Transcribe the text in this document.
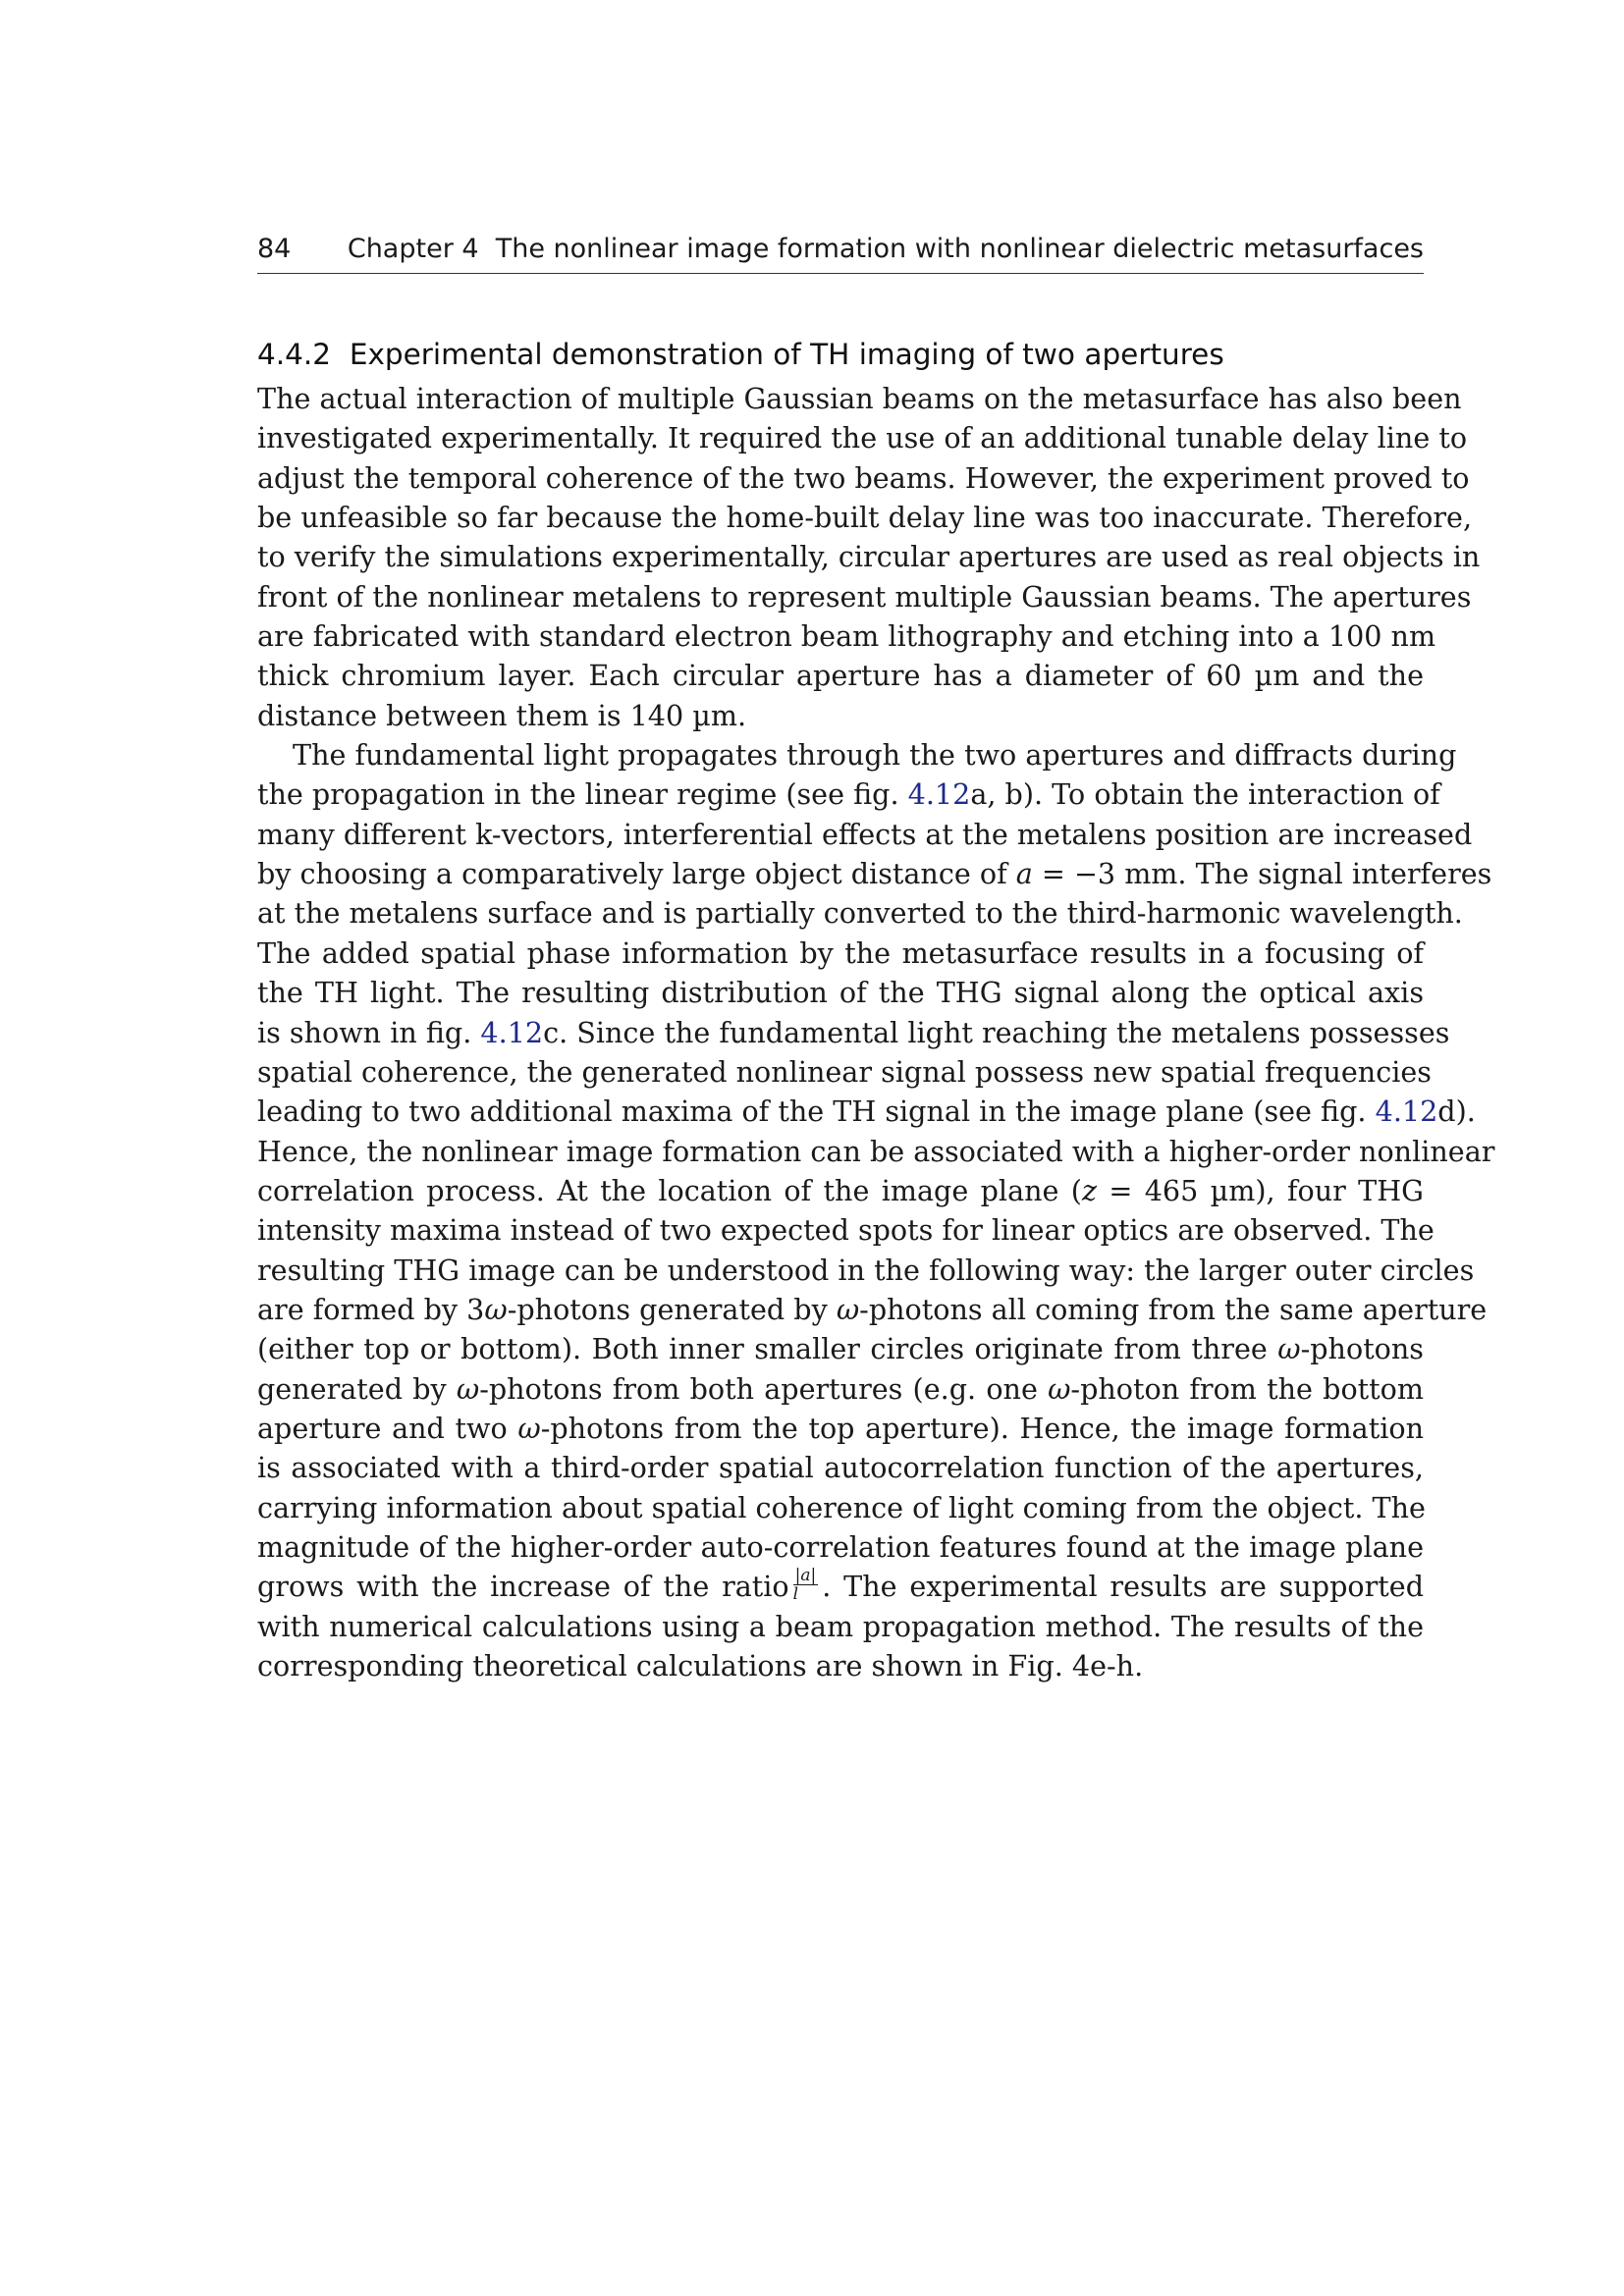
84 Chapter 4 The nonlinear image formation with nonlinear dielectric metasurfaces
4.4.2 Experimental demonstration of TH imaging of two apertures
The actual interaction of multiple Gaussian beams on the metasurface has also been
investigated experimentally. It required the use of an additional tunable delay line to
adjust the temporal coherence of the two beams. However, the experiment proved to
be unfeasible so far because the home-built delay line was too inaccurate. Therefore,
to verify the simulations experimentally, circular apertures are used as real objects in
front of the nonlinear metalens to represent multiple Gaussian beams. The apertures
are fabricated with standard electron beam lithography and etching into a 100 nm
thick chromium layer. Each circular aperture has a diameter of 60 µm and the
distance between them is 140 µm.
The fundamental light propagates through the two apertures and diffracts during
the propagation in the linear regime (see fig. 4.12a, b). To obtain the interaction of
many different k-vectors, interferential effects at the metalens position are increased
by choosing a comparatively large object distance of a = −3 mm. The signal interferes
at the metalens surface and is partially converted to the third-harmonic wavelength.
The added spatial phase information by the metasurface results in a focusing of
the TH light. The resulting distribution of the THG signal along the optical axis
is shown in fig. 4.12c. Since the fundamental light reaching the metalens possesses
spatial coherence, the generated nonlinear signal possess new spatial frequencies
leading to two additional maxima of the TH signal in the image plane (see fig. 4.12d).
Hence, the nonlinear image formation can be associated with a higher-order nonlinear
correlation process. At the location of the image plane (z = 465 µm), four THG
intensity maxima instead of two expected spots for linear optics are observed. The
resulting THG image can be understood in the following way: the larger outer circles
are formed by 3ω-photons generated by ω-photons all coming from the same aperture
(either top or bottom). Both inner smaller circles originate from three ω-photons
generated by ω-photons from both apertures (e.g. one ω-photon from the bottom
aperture and two ω-photons from the top aperture). Hence, the image formation
is associated with a third-order spatial autocorrelation function of the apertures,
carrying information about spatial coherence of light coming from the object. The
magnitude of the higher-order auto-correlation features found at the image plane
grows with the increase of the ratio $\frac{|a|}{l}$ . The experimental results are supported
with numerical calculations using a beam propagation method. The results of the
corresponding theoretical calculations are shown in Fig. 4e-h.
